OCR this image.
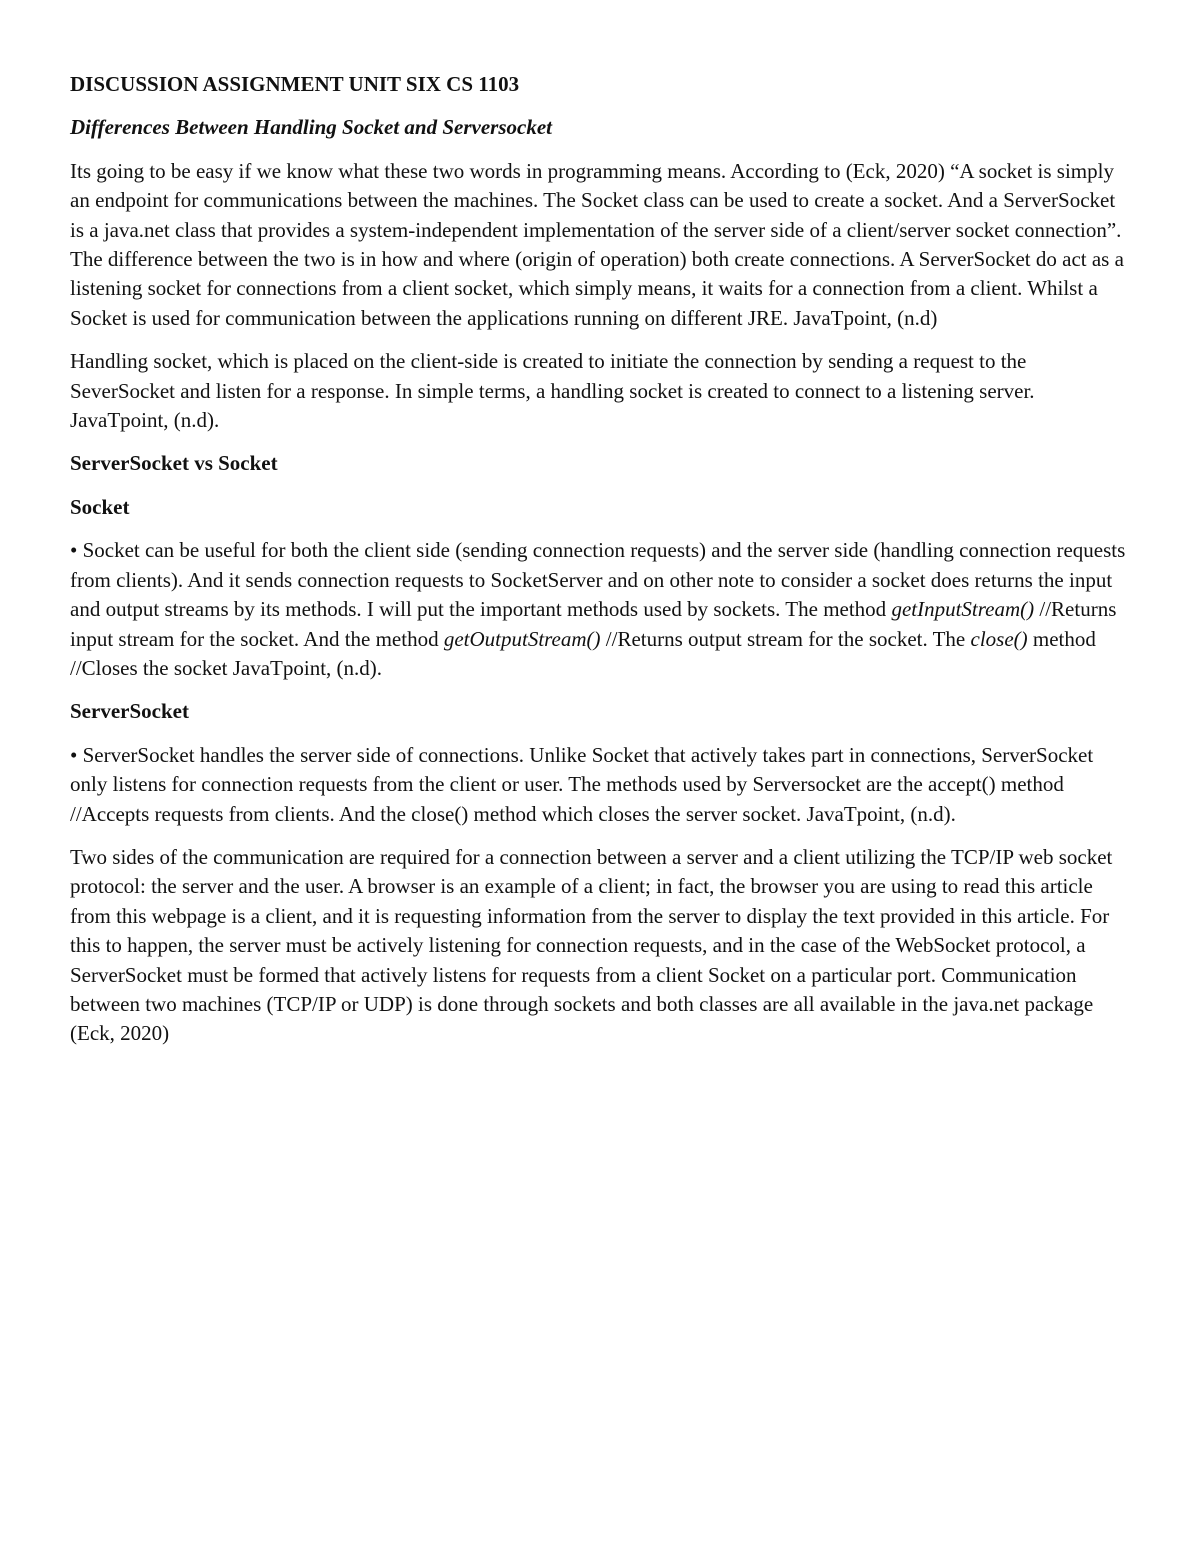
DISCUSSION ASSIGNMENT UNIT SIX CS 1103
Differences Between Handling Socket and Serversocket

Its going to be easy if we know what these two words in programming means. According to (Eck, 2020) “A socket is simply an endpoint for communications between the machines. The Socket class can be used to create a socket. And a ServerSocket is a java.net class that provides a system-independent implementation of the server side of a client/server socket connection”. The difference between the two is in how and where (origin of operation) both create connections. A ServerSocket do act as a listening socket for connections from a client socket, which simply means, it waits for a connection from a client. Whilst a Socket is used for communication between the applications running on different JRE. JavaTpoint, (n.d)

Handling socket, which is placed on the client-side is created to initiate the connection by sending a request to the SeverSocket and listen for a response. In simple terms, a handling socket is created to connect to a listening server. JavaTpoint, (n.d).

ServerSocket vs Socket
Socket

• Socket can be useful for both the client side (sending connection requests) and the server side (handling connection requests from clients). And it sends connection requests to SocketServer and on other note to consider a socket does returns the input and output streams by its methods. I will put the important methods used by sockets. The method getInputStream() //Returns input stream for the socket. And the method getOutputStream() //Returns output stream for the socket. The close() method //Closes the socket JavaTpoint, (n.d).

ServerSocket

• ServerSocket handles the server side of connections. Unlike Socket that actively takes part in connections, ServerSocket only listens for connection requests from the client or user. The methods used by Serversocket are the accept() method //Accepts requests from clients. And the close() method which closes the server socket. JavaTpoint, (n.d).

Two sides of the communication are required for a connection between a server and a client utilizing the TCP/IP web socket protocol: the server and the user. A browser is an example of a client; in fact, the browser you are using to read this article from this webpage is a client, and it is requesting information from the server to display the text provided in this article. For this to happen, the server must be actively listening for connection requests, and in the case of the WebSocket protocol, a ServerSocket must be formed that actively listens for requests from a client Socket on a particular port. Communication between two machines (TCP/IP or UDP) is done through sockets and both classes are all available in the java.net package (Eck, 2020)
